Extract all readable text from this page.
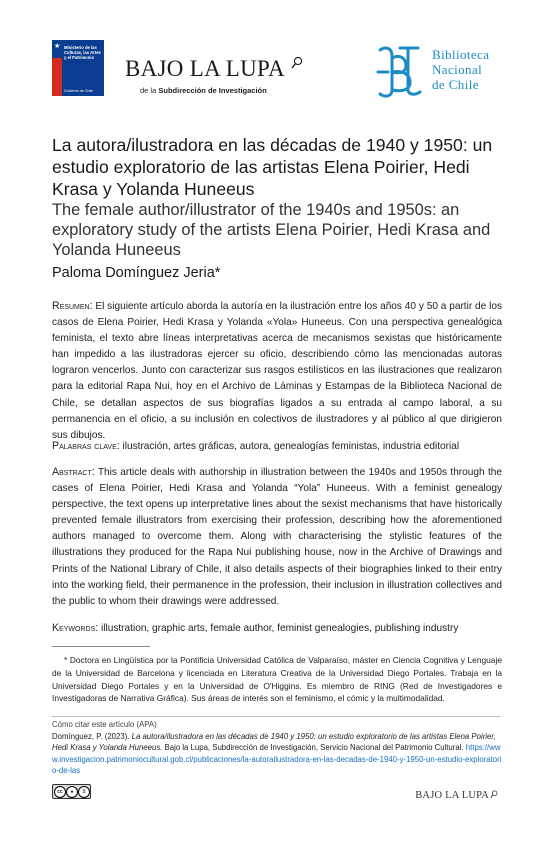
Ministerio de las Culturas, las Artes y el Patrimonio
Gobierno de Chile
★
BAJO LA LUPA
de la Subdirección de Investigación
Biblioteca
Nacional
de Chile
La autora/ilustradora en las décadas de 1940 y 1950: un estudio exploratorio de las artistas Elena Poirier, Hedi Krasa y Yolanda Huneeus
The female author/illustrator of the 1940s and 1950s: an exploratory study of the artists Elena Poirier, Hedi Krasa and Yolanda Huneeus
Paloma Domínguez Jeria*
Resumen: El siguiente artículo aborda la autoría en la ilustración entre los años 40 y 50 a partir de los casos de Elena Poirier, Hedi Krasa y Yolanda «Yola» Huneeus. Con una perspectiva genealógica feminista, el texto abre líneas interpretativas acerca de mecanismos sexistas que históricamente han impedido a las ilustradoras ejercer su oficio, describiendo cómo las mencionadas autoras lograron vencerlos. Junto con caracterizar sus rasgos estilísticos en las ilustraciones que realizaron para la editorial Rapa Nui, hoy en el Archivo de Láminas y Estampas de la Biblioteca Nacional de Chile, se detallan aspectos de sus biografías ligados a su entrada al campo laboral, a su permanencia en el oficio, a su inclusión en colectivos de ilustradores y al público al que dirigieron sus dibujos.
Palabras clave: ilustración, artes gráficas, autora, genealogías feministas, industria editorial
Abstract: This article deals with authorship in illustration between the 1940s and 1950s through the cases of Elena Poirier, Hedi Krasa and Yolanda “Yola” Huneeus. With a feminist genealogy perspective, the text opens up interpretative lines about the sexist mechanisms that have historically prevented female illustrators from exercising their profession, describing how the aforementioned authors managed to overcome them. Along with characterising the stylistic features of the illustrations they produced for the Rapa Nui publishing house, now in the Archive of Drawings and Prints of the National Library of Chile, it also details aspects of their biographies linked to their entry into the working field, their permanence in the profession, their inclusion in illustration collectives and the public to whom their drawings were addressed.
Keywords: illustration, graphic arts, female author, feminist genealogies, publishing industry
* Doctora en Lingüística por la Pontificia Universidad Católica de Valparaíso, máster en Ciencia Cognitiva y Lenguaje de la Universidad de Barcelona y licenciada en Literatura Creativa de la Universidad Diego Portales. Trabaja en la Universidad Diego Portales y en la Universidad de O'Higgins. Es miembro de RING (Red de Investigadores e Investigadoras de Narrativa Gráfica). Sus áreas de interés son el feminismo, el cómic y la multimodalidad.
Cómo citar este artículo (APA)
Domínguez, P. (2023). La autora/ilustradora en las décadas de 1940 y 1950: un estudio exploratorio de las artistas Elena Poirier, Hedi Krasa y Yolanda Huneeus. Bajo la Lupa, Subdirección de Investigación, Servicio Nacional del Patrimonio Cultural. https://www.investigacion.patrimoniocultural.gob.cl/publicaciones/la-autorailustradora-en-las-decadas-de-1940-y-1950-un-estudio-exploratorio-de-las
cc	●	$	BAJO LA LUPA
